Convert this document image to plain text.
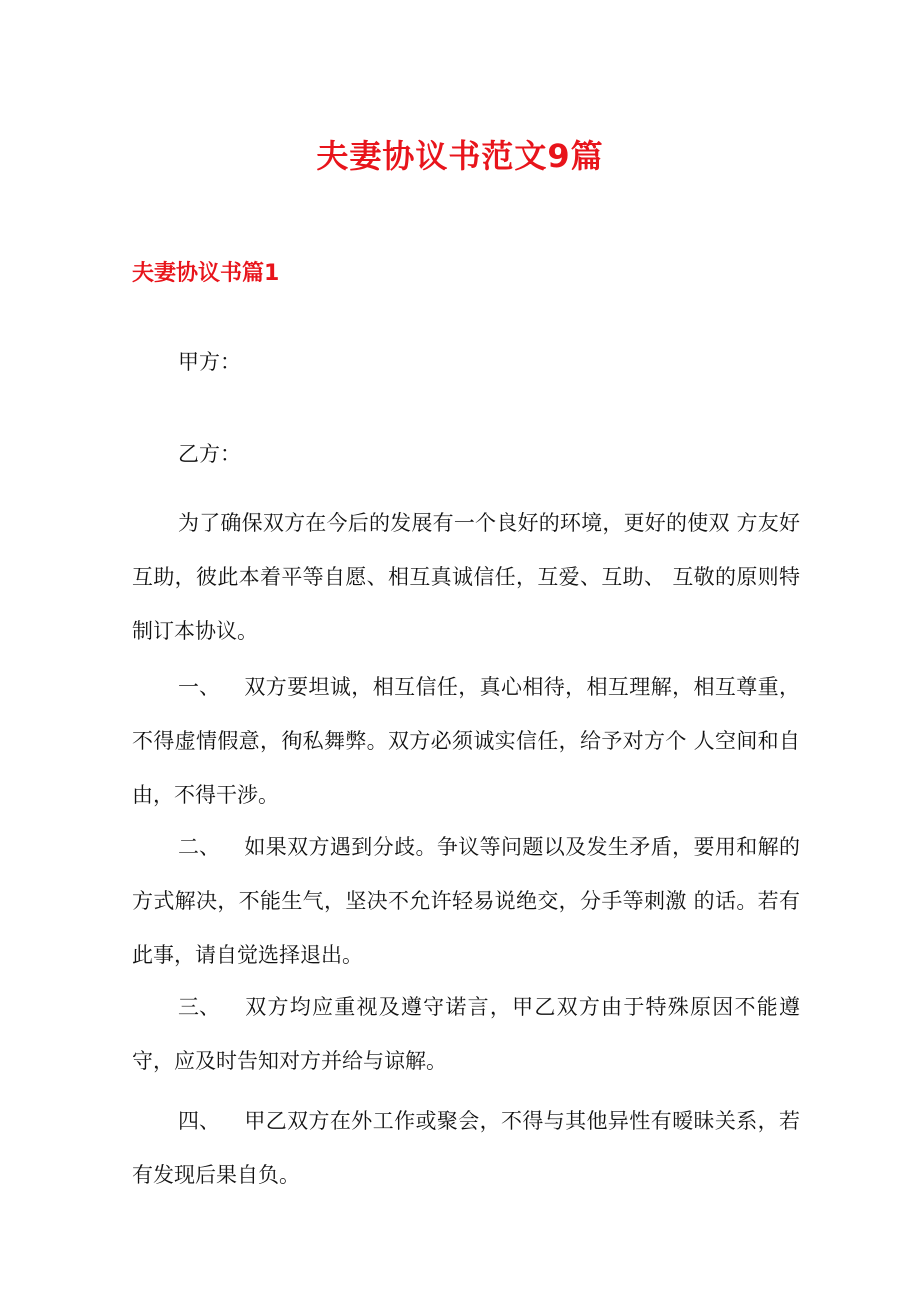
夫妻协议书范文9篇
夫妻协议书篇1

甲方：

乙方：

为了确保双方在今后的发展有一个良好的环境，更好的使双 方友好互助，彼此本着平等自愿、相互真诚信任，互爱、互助、 互敬的原则特制订本协议。

一、 双方要坦诚，相互信任，真心相待，相互理解，相互尊重，不得虚情假意，徇私舞弊。双方必须诚实信任，给予对方个 人空间和自由，不得干涉。

二、 如果双方遇到分歧。争议等问题以及发生矛盾，要用和解的方式解决，不能生气，坚决不允许轻易说绝交，分手等刺激 的话。若有此事，请自觉选择退出。

三、 双方均应重视及遵守诺言，甲乙双方由于特殊原因不能遵守，应及时告知对方并给与谅解。

四、 甲乙双方在外工作或聚会，不得与其他异性有暧昧关系，若有发现后果自负。
